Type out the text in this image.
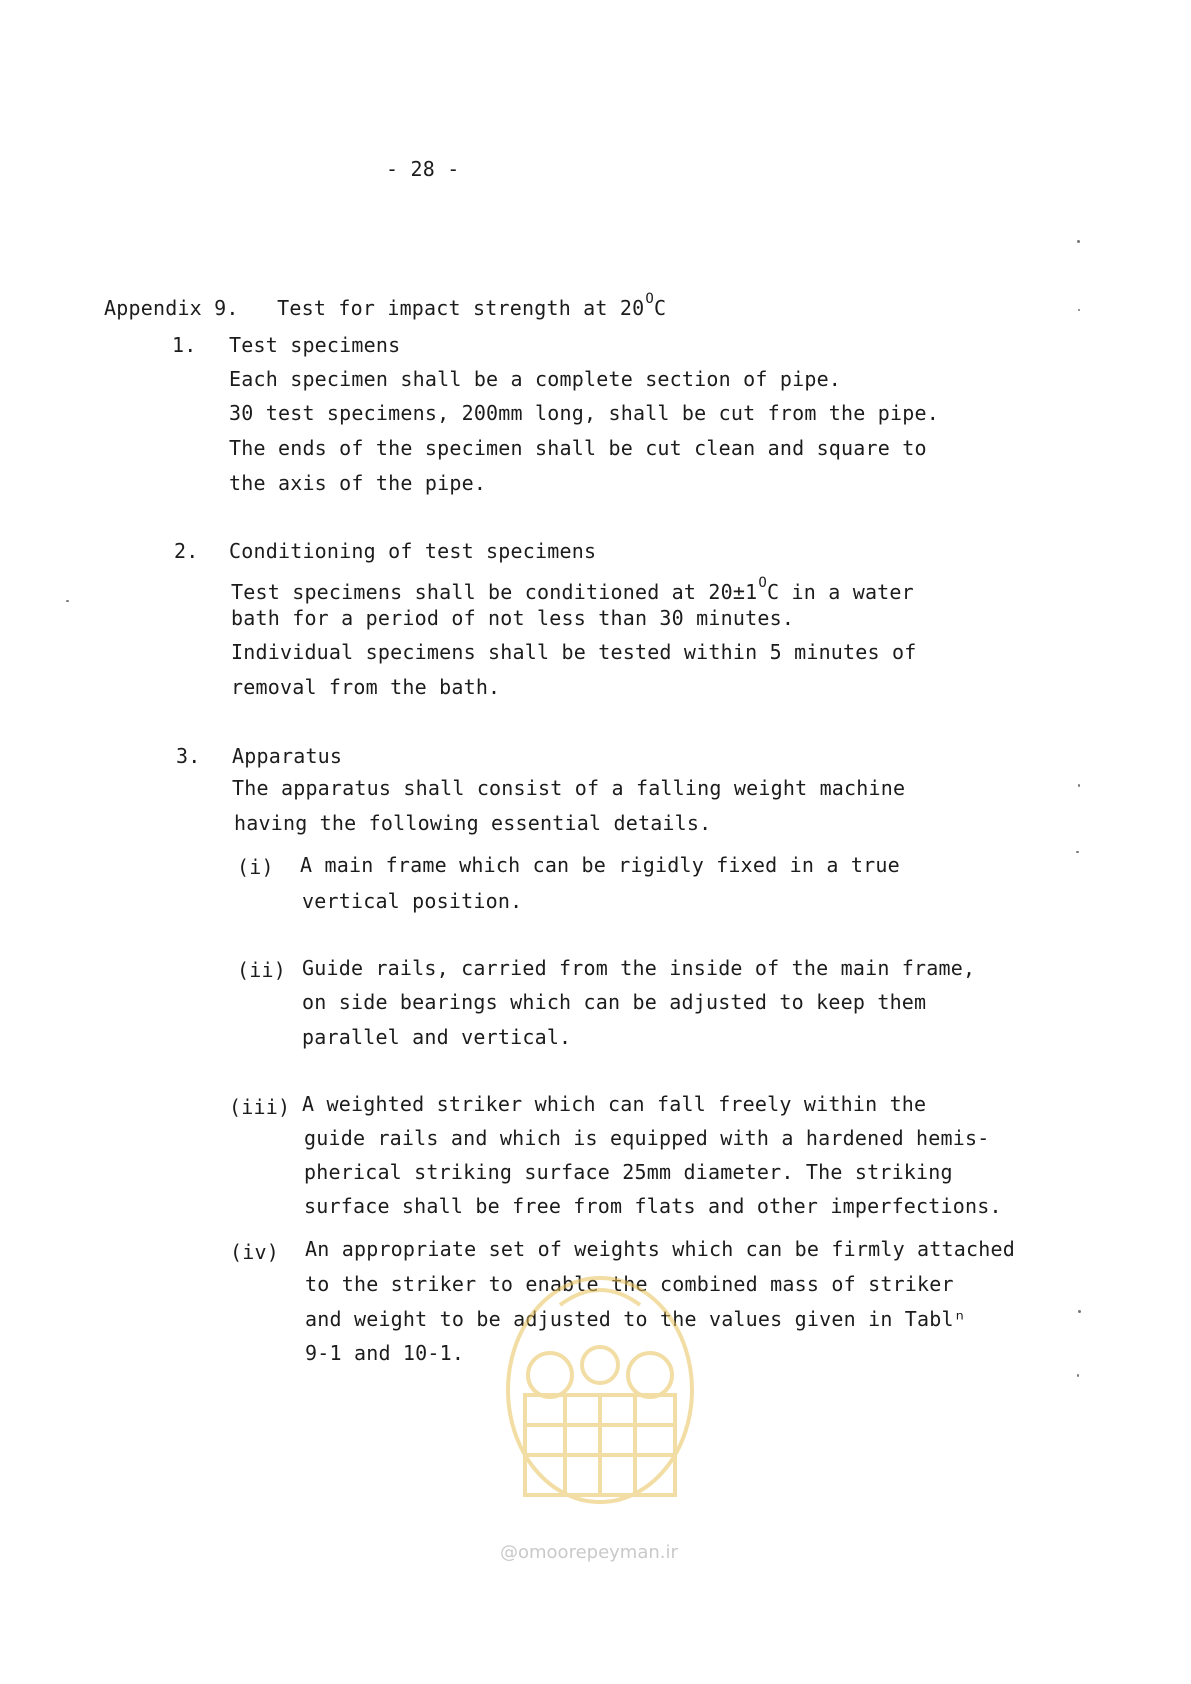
- 28 -
Appendix 9. Test for impact strength at $20^OC$
1. Test specimens
Each specimen shall be a complete section of pipe.
30 test specimens, 200mm long, shall be cut from the pipe.
The ends of the specimen shall be cut clean and square to
the axis of the pipe.
2. Conditioning of test specimens
Test specimens shall be conditioned at $20\pm 1^OC$ in a water
bath for a period of not less than 30 minutes.
Individual specimens shall be tested within 5 minutes of
removal from the bath.
3. Apparatus
The apparatus shall consist of a falling weight machine
having the following essential details.
(i) A main frame which can be rigidly fixed in a true
vertical position.
(ii) Guide rails, carried from the inside of the main frame,
on side bearings which can be adjusted to keep them
parallel and vertical.
(iii) A weighted striker which can fall freely within the
guide rails and which is equipped with a hardened hemis-
pherical striking surface 25mm diameter. The striking
surface shall be free from flats and other imperfections.
(iv) An appropriate set of weights which can be firmly attached
to the striker to enable the combined mass of striker
and weight to be adjusted to the values given in Tablⁿ
9-1 and 10-1.
@omoorepeyman.ir
